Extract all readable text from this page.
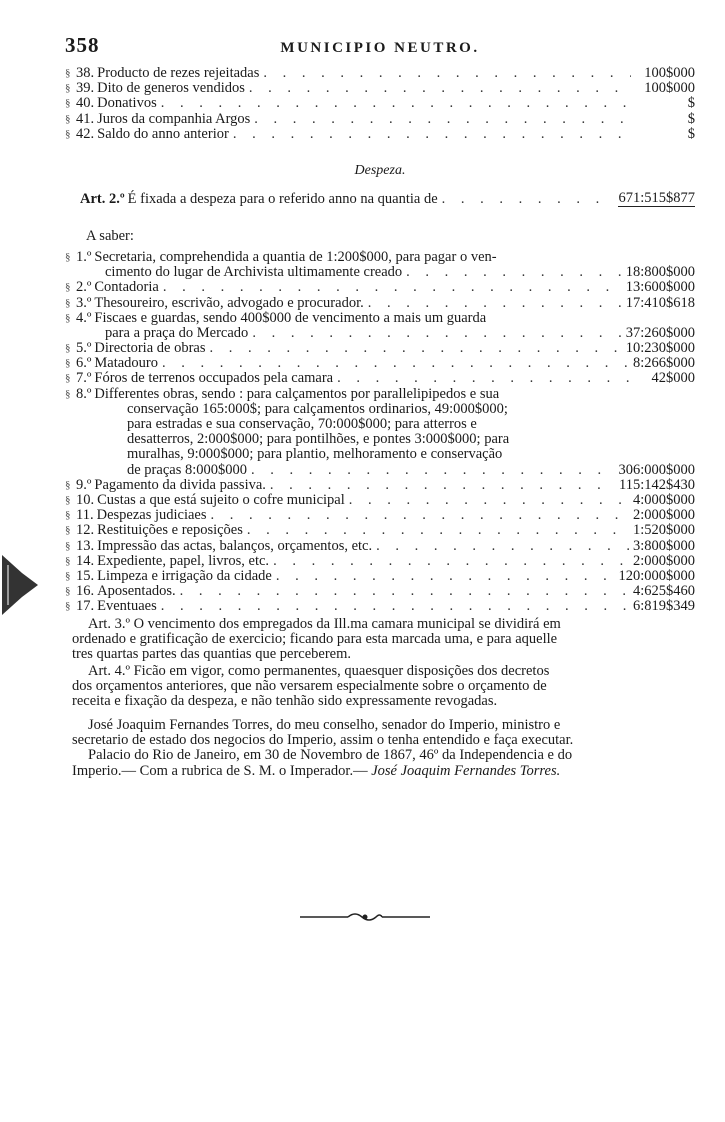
358	MUNICIPIO NEUTRO.
§ 38. Producto de rezes rejeitadas . . .	100$000
§ 39. Dito de generos vendidos . . .	100$000
§ 40. Donativos . . .	$
§ 41. Juros da companhia Argos . . .	$
§ 42. Saldo do anno anterior . . .	$
Despeza.
Art. 2.º É fixada a despeza para o referido anno na quantia de . . .	671:515$877
A saber:
§ 1.º Secretaria, comprehendida a quantia de 1:200$000, para pagar o ven-
cimento do lugar de Archivista ultimamente creado . . .	18:800$000
§ 2.º Contadoria . . .	13:600$000
§ 3.º Thesoureiro, escrivão, advogado e procurador. . . .	17:410$618
§ 4.º Fiscaes e guardas, sendo 400$000 de vencimento a mais um guarda
para a praça do Mercado . . .	37:260$000
§ 5.º Directoria de obras . . .	10:230$000
§ 6.º Matadouro . . .	8:266$000
§ 7.º Fóros de terrenos occupados pela camara . . .	42$000
§ 8.º Differentes obras, sendo : para calçamentos por parallelipipedos e sua
conservação 165:000$; para calçamentos ordinarios, 49:000$000;
para estradas e sua conservação, 70:000$000; para atterros e
desatterros, 2:000$000; para pontilhões, e pontes 3:000$000; para
muralhas, 9:000$000; para plantio, melhoramento e conservação
de praças 8:000$000 . . .	306:000$000
§ 9.º Pagamento da divida passiva. . . .	115:142$430
§ 10. Custas a que está sujeito o cofre municipal . . .	4:000$000
§ 11. Despezas judiciaes . . .	2:000$000
§ 12. Restituições e reposições . . .	1:520$000
§ 13. Impressão das actas, balanços, orçamentos, etc. . . .	3:800$000
§ 14. Expediente, papel, livros, etc. . . .	2:000$000
§ 15. Limpeza e irrigação da cidade . . .	120:000$000
§ 16. Aposentados. . . .	4:625$460
§ 17. Eventuaes . . .	6:819$349
Art. 3.º O vencimento dos empregados da Ill.ma camara municipal se dividirá em
ordenado e gratificação de exercicio; ficando para esta marcada uma, e para aquelle
tres quartas partes das quantias que perceberem.
Art. 4.º Ficão em vigor, como permanentes, quaesquer disposições dos decretos
dos orçamentos anteriores, que não versarem especialmente sobre o orçamento de
receita e fixação da despeza, e não tenhão sido expressamente revogadas.
José Joaquim Fernandes Torres, do meu conselho, senador do Imperio, ministro e
secretario de estado dos negocios do Imperio, assim o tenha entendido e faça executar.
Palacio do Rio de Janeiro, em 30 de Novembro de 1867, 46º da Independencia e do
Imperio.— Com a rubrica de S. M. o Imperador.— José Joaquim Fernandes Torres.
